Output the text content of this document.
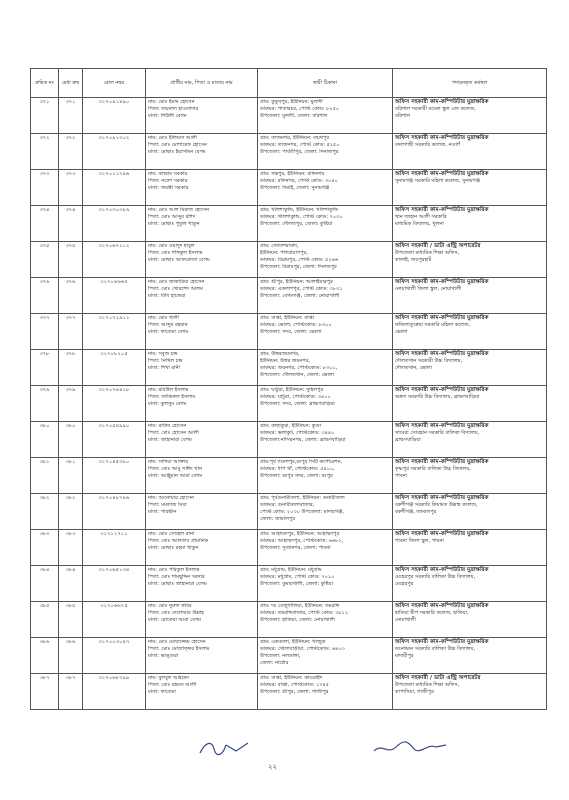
ক্রমিক নং	মেধা ক্রম	রোল নম্বর	প্রার্থীর নাম, পিতা ও মাতার নাম	স্থায়ী ঠিকানা	পদায়নকৃত কর্মস্থল
৩৭১	৩৭১	৩১৭০৯১৪৯০	নাম: মোঃ ইমাম হোসেন
পিতা: জয়নাল হাওলাদার
মাতা: শিউলী বেগম	গ্রাম: কুতুবপুর, ইউনিয়ন: মুলাদী
ডাকঘর: পাতারচর, পোস্ট কোড: ৮২৫০
উপজেলা: মুলাদী, জেলা: বরিশাল	অফিস সহকারী কাম-কম্পিউটার মুদ্রাক্ষরিক
বরিশাল সরকারী মডেল স্কুল এন্ড কলেজ,
বরিশাল

৩৭২	৩৭২	৩১৭০৯১৩০২	নাম: মোঃ ইলিয়াস আলী
পিতা: মোঃ মোশারেফ হোসেন
মাতা: মোছাঃ ইয়াসমিন বেগম	গ্রাম: তাজনগর, ইউনিয়ন: মন্মথপুর
ডাকঘর: তাজনগর, পোস্ট কোড: ৫২৫০
উপজেলা: পার্বতীপুর, জেলা: দিনাজপুর	অফিস সহকারী কাম-কম্পিউটার মুদ্রাক্ষরিক
বদলগাছী সরকারি কলেজ, নওগাঁ

৩৭৩	৩৭৩	৩১৭০১১৭৯৬	নাম: বলরাম সরকার
পিতা: নরেশ সরকার
মাতা: জয়ন্তী সরকার	গ্রাম: সন্তপুর, ইউনিয়ন: রফিনগর
ডাকঘর: রফিনগর, পোস্ট কোড: ৩০৪০
উপজেলা: দিরাই, জেলা: সুনামগঞ্জ	অফিস সহকারী কাম-কম্পিউটার মুদ্রাক্ষরিক
সুনামগঞ্জ সরকারি মহিলা কলেজ, সুনামগঞ্জ

৩৭৪	৩৭৪	৩১৭০৩০৩৮৯	নাম: মোঃ আল মিরাজ হোসেন
পিতা: মোঃ আব্দুর রশিদ
মাতা: মোছাঃ পুতুল খাতুন	গ্রাম: খলিশাকুন্ডি, ইউনিয়ন: খলিশাকুন্ডি
ডাকঘর: খলিশাকুন্ডি, পোস্ট কোড: ৭০৩০
উপজেলা: দৌলতপুর, জেলা: কুষ্টিয়া	অফিস সহকারী কাম-কম্পিউটার মুদ্রাক্ষরিক
খান জাহান আলী সরকারি
মাধ্যমিক বিদ্যালয়, খুলনা

৩৭৫	৩৭৫	৩১৭০৬৭২০২	নাম: মোঃ ওয়াদুদ হাবুল
পিতা: মোঃ শফিকুল ইসলাম
মাতা: মোছাঃ আফরোজা বেগম	গ্রাম: জোতশরাবাদ,
ইউনিয়ন: পলিপ্রয়াগপুর,
ডাকঘর: বিরামপুর, পোস্ট কোড: ৫২৬৬
উপজেলা: বিরামপুর, জেলা: দিনাজপুর	অফিস সহকারী / ডাটা এন্ট্রি অপারেটর
উপজেলা মাধ্যমিক শিক্ষা অফিস,
কালাই, জয়পুরহাট

৩৭৬	৩৭৬	৩১৭০৪৬৬৫	নাম: মোঃ জাকারিয়া হোসেন
পিতা: মোঃ খোরশেদ আলম
মাতা: বিবি হাজেরা	গ্রাম: শ্রীপুর, ইউনিয়ন: আলাইয়ারপুর
ডাকঘর: একলাশপুর, পোস্ট কোড: ৩৮৩১
উপজেলা: বেগমগঞ্জ, জেলা: নোয়াখালী	অফিস সহকারী কাম-কম্পিউটার মুদ্রাক্ষরিক
নোয়াখালী জিলা স্কুল, নোয়াখালী

৩৭৭	৩৭৭	৩১৭১৭২৯১১	নাম: মোঃ খালী
পিতা: আব্দুর রহমান
মাতা: ফাতেমা বেগম	গ্রাম: বাপ্তা, ইউনিয়ন: বাপ্তা
ডাকঘর: ভোলা, পোস্টকোড: ৮৩০০
উপজেলা: সদর, জেলা: ভোলা	অফিস সহকারী কাম-কম্পিউটার মুদ্রাক্ষরিক
ফজিলাতুন্নেছা সরকারি মহিলা কলেজ,
ভোলা

৩৭৮	৩৭৮	৩১৭০৮২০৫	নাম: সবুজ চন্দ্র
পিতা: নিখিল চন্দ্র
মাতা: শিখা রানী	গ্রাম: উত্তরজয়নগর,
ইউনিয়ন: উত্তর জয়নগর,
ডাকঘর: জয়নগর, পোস্টকোড: ৮৩০১,
উপজেলা: দৌলতখান, জেলা: ভোলা	অফিস সহকারী কাম-কম্পিউটার মুদ্রাক্ষরিক
দৌলতখান সরকারী উচ্চ বিদ্যালয়,
দৌলতখান, ভোলা

৩৭৯	৩৭৯	৩১৭০৭৪৪১৮	নাম: রবিউল ইসলাম
পিতা: জাকিরুল ইসলাম
মাতা: কুলসুম বেগম	গ্রাম: ঘাটুরা, ইউনিয়ন: সুহিলপুর
ডাকঘর: ঘাটুরা, পোস্টকোড: ৩৪০০
উপজেলা: সদর, জেলা: ব্রাহ্মণবাড়িয়া	অফিস সহকারী কাম-কম্পিউটার মুদ্রাক্ষরিক
অন্নদা সরকারি উচ্চ বিদ্যালয়, ব্রাহ্মণবাড়িয়া

৩৮০	৩৮০	৩১৭০৫৪৯৯০	নাম: রাকিব হোসেন
পিতা: মোঃ হোসেন আলী
মাতা: জাহানারা বেগম	গ্রাম: কাছাতুরা, ইউনিয়ন: কুণ্ডা
ডাকঘর: ভলাকুট, পোস্টকোড: ৩৪৪০
উপজেলা:নাসিরনগর, জেলা: ব্রাহ্মণবাড়িয়া	অফিস সহকারী কাম-কম্পিউটার মুদ্রাক্ষরিক
সাবেরা সোবহান সরকারি বালিকা বিদ্যালয়,
ব্রাহ্মণবাড়িয়া

৩৮১	৩৮১	৩১৭১৪৫৩৮০	নাম: সাদিয়া আক্তার
পিতা: মোঃ আবু সাঈদ খান
মাতা: আঞ্জুমান আরা বেগম	গ্রাম:পূর্ব গনেশপুর,রংপুর সিটি কর্পোরেশন,
ডাকঘর: ধাপ খাঁ, পোস্টকোড: ৫৪০০,
উপজেলা: রংপুর সদর, জেলা: রংপুর	অফিস সহকারী কাম-কম্পিউটার মুদ্রাক্ষরিক
কৃষ্ণপুর সরকারি বালিকা উচ্চ বিদ্যালয়,
পাবনা

৩৮২	৩৮২	৩১৭০৪৮৭৯৬	নাম: আনোয়ার হোসেন
পিতা: মমতাজ মিয়া
মাতা: পারভীন	গ্রাম: পূর্বগুনারীতলা, ইউনিয়ন: গুনারীতলা
ডাকঘর: গুনারীতলাবাজার,
পোস্ট কোড: ২০৩০ উপজেলা: মাদারগঞ্জ,
জেলা: জামালপুর	অফিস সহকারী কাম-কম্পিউটার মুদ্রাক্ষরিক
বকশীগঞ্জ সরকারি কিয়ামত উল্লাহ কলেজ,
বকশীগঞ্জ, জামালপুর

৩৮৩	৩৮৩	৩১৭১২৭১১	নাম: মোঃ সোহেল রানা
পিতা: মোঃ আলতাব প্রামানিক
মাতা: মোছাঃ রহমা খাতুন	গ্রাম: আহাম্মদপুর, ইউনিয়ন: আহাম্মদপুর
ডাকঘর: আহাম্মদপুর, পোস্টকোড: ৬৬৮২,
উপজেলা: সুজানগর, জেলা: পাবনা	অফিস সহকারী কাম-কম্পিউটার মুদ্রাক্ষরিক
পাবনা জিলা স্কুল, পাবনা

৩৮৪	৩৮৪	৩১৭০৬৫১৩৪	নাম: মোঃ পরিতুল ইসলাম
পিতা: মোঃ শামছুদ্দিন সরদার
মাতা: মোছাঃ জাহানারা বেগম	গ্রাম: মধুগ্রাম, ইউনিয়ন: মধুগ্রাম
ডাকঘর: মধুগ্রাম, পোস্ট কোড: ৭০১০
উপজেলা: কুমারখালী, জেলা: কুষ্টিয়া	অফিস সহকারী কাম-কম্পিউটার মুদ্রাক্ষরিক
মেহেরপুর সরকারি বালিকা উচ্চ বিদ্যালয়,
মেহেরপুর

৩৮৫	৩৮৫	৩১৭০৬৬৭৫	নাম: মোঃ নুরুল কবির
পিতা: মোঃ দেলোয়ার উল্লাহ
মাতা: রোকেয়া আরা বেগম	গ্রাম: দঃ বেজুগালিয়া, ইউনিয়ন: তমরদ্দি
ডাকঘর: তমরদ্দিবাজার, পোস্ট কোড: ৩৮১২
উপজেলা: হাতিয়া, জেলা: নোয়াখালী	অফিস সহকারী কাম-কম্পিউটার মুদ্রাক্ষরিক
হাতিয়া দ্বীপ সরকারি কলেজ, হাতিয়া,
নোয়াখালী

৩৮৬	৩৮৬	৩১৭০০৩০৪৭	নাম: মোঃ মোয়াজ্জেম হোসেন
পিতা: মোঃ মোজাফ্ফর ইসলাম
মাতা: ভাঙ্গুরা	গ্রাম: একডালা, ইউনিয়ন: খাজুরা
ডাকঘর: খোলাবাড়ীয়া, পোস্টকোড: ৬৪০৩
উপজেলা: নলডাঙ্গা,
জেলা: নাটোর	অফিস সহকারী কাম-কম্পিউটার মুদ্রাক্ষরিক
ডনোভান সরকারি বালিকা উচ্চ বিদ্যালয়,
মাদারীপুর

৩৮৭	৩৮৭	৩১৭০৬৮৭৯৯	নাম: বুলবুল আহমেদ
পিতা: মোঃ রহমত আলী
মাতা: ফাতেমা	গ্রাম: বাপ্তা, ইউনিয়ন: কাওরাইদ
ডাকঘর: বাপ্তা, পোস্টকোড: ১৭৪৫
উপজেলা: শ্রীপুর, জেলা: গাজীপুর	অফিস সহকারী / ডাটা এন্ট্রি অপারেটর
উপজেলা মাধ্যমিক শিক্ষা অফিস,
কাপাসিয়া, গাজীপুর
২২
